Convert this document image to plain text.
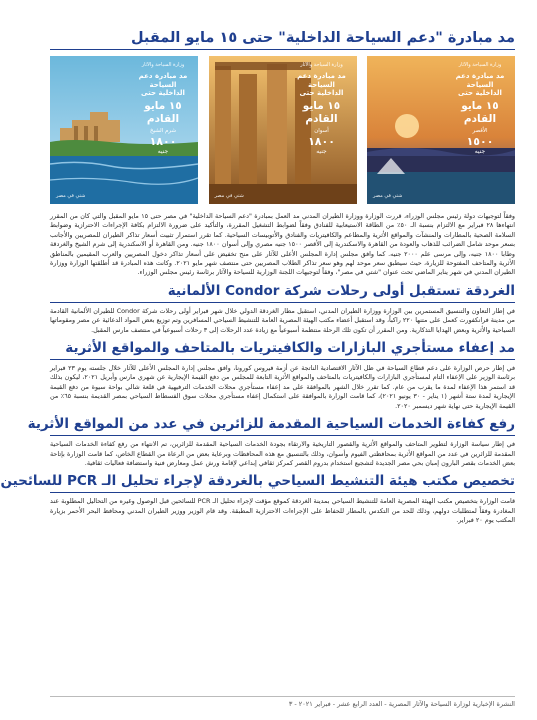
مد مبادرة "دعم السياحة الداخلية" حتى ١٥ مايو المقبل
وزارة السياحة والآثار
مد مبادرة دعم السياحة
الداخلية حتى
١٥ مايو القادم
الأقصر
١٥٠٠
جنيه
شتي في مصر
وزارة السياحة والآثار
مد مبادرة دعم السياحة
الداخلية حتى
١٥ مايو القادم
أسوان
١٨٠٠
جنيه
شتي في مصر
وزارة السياحة والآثار
مد مبادرة دعم السياحة
الداخلية حتى
١٥ مايو القادم
شرم الشيخ
١٨٠٠
جنيه
شتي في مصر

وفقاً لتوجيهات دولة رئيس مجلس الوزراء، قررت الوزارة ووزارة الطيران المدني مد العمل بمبادرة "دعم السياحة الداخلية" في مصر حتى ١٥ مايو المقبل والتي كان من المقرر انتهاءها ٢٨ فبراير مع الالتزام بنسبة الـ ٥٠٪ من الطاقة الاستيعابية للفنادق وفقاً لضوابط التشغيل المقررة، والتأكيد على ضرورة الالتزام بكافة الإجراءات الاحترازية وضوابط السلامة الصحية بالمطارات والمنشآت والمواقع الأثرية والمطاعم والكافيتريات والفنادق والأتوبيسات السياحية. كما تقرر استمرار تثبيت أسعار تذاكر الطيران للمصريين والأجانب بسعر موحد شامل الضرائب للذهاب والعودة من القاهرة والاسكندرية إلى الأقصر ١٥٠٠ جنيه مصري وإلى أسوان ١٨٠٠ جنيه. ومن القاهرة أو الاسكندرية إلى شرم الشيخ والغردقة وطابا ١٨٠٠ جنيه، وإلى مرسى علم ٢٠٠٠ جنيه. كما وافق مجلس إدارة المجلس الأعلى للآثار على منح تخفيض على أسعار تذاكر دخول المصريين والعرب المقيمين بالمناطق الأثرية والمتاحف المفتوحة للزيارة، حيث سيطبق سعر موحد لهم وهو سعر تذاكر الطلاب المصريين حتى منتصف شهر مايو ٢٠٢١. وكانت هذه المبادرة قد أطلقتها الوزارة ووزارة الطيران المدني في شهر يناير الماضي تحت عنوان "شتي في مصر"، وفقاً لتوجيهات اللجنة الوزارية للسياحة والآثار برئاسة رئيس مجلس الوزراء.

الغردقة تستقبل أولى رحلات شركة Condor الألمانية

في إطار التعاون والتنسيق المستمرين بين الوزارة ووزارة الطيران المدني، استقبل مطار الغردقة الدولي خلال شهر فبراير أولى رحلات شركة Condor للطيران الألمانية القادمة من مدينة فرانكفورت كعمل على متنها ٢٢٠ راكباً، وقد استقبل أعضاء مكتب الهيئة المصرية العامة للتنشيط السياحي المسافرين وتم توزيع بعض المواد الدعائية عن مصر ومقوماتها السياحية والأثرية وبعض الهدايا التذكارية. ومن المقرر أن تكون تلك الرحلة منتظمة أسبوعياً مع زيادة عدد الرحلات إلى ٣ رحلات أسبوعياً في منتصف مارس المقبل.

مد إعفاء مستأجري البازارات والكافيتريات بالمتاحف والمواقع الأثرية

في إطار حرص الوزارة على دعم قطاع السياحة في ظل الآثار الاقتصادية الناتجة عن أزمة فيروس كورونا، وافق مجلس إدارة المجلس الأعلى للآثار خلال جلسته يوم ٢٣ فبراير برئاسة الوزير على الإعفاء التام لمستأجري البازارات والكافيتريات بالمتاحف والمواقع الأثرية التابعة للمجلس من دفع القيمة الإيجارية عن شهري مارس وأبريل ٢٠٢١، ليكون بذلك قد استمر هذا الإعفاء لمدة ما يقرب من عام. كما تقرر خلال الشهر بالموافقة على مد إعفاء مستأجري محلات الخدمات الترفيهية في قلعة شالي بواحة سيوة من دفع القيمة الإيجارية لمدة ستة أشهر (١ يناير - ٣٠ يونيو ٢٠٢١)، كما قامت الوزارة بالموافقة على استكمال إعفاء مستأجري محلات سوق الفسطاط السياحي بمصر القديمة بنسبة ٦٥٪ من القيمة الإيجارية حتى نهاية شهر ديسمبر ٢٠٢٠.

رفع كفاءة الخدمات السياحية المقدمة للزائرين في عدد من المواقع الأثرية

في إطار سياسة الوزارة لتطوير المتاحف والمواقع الأثرية والقصور التاريخية والارتقاء بجودة الخدمات السياحية المقدمة للزائرين، تم الانتهاء من رفع كفاءة الخدمات السياحية المقدمة للزائرين في عدد من المواقع الأثرية بمحافظتي الفيوم وأسوان، وذلك بالتنسيق مع هذه المحافظات وبرعاية بعض من الرعاة من القطاع الخاص، كما قامت الوزارة بإتاحة بعض الخدمات بقصر البارون إمبان بحي مصر الجديدة لتشجيع استخدام بدروم القصر كمركز ثقافي إبداعي لإقامة ورش عمل ومعارض فنية واستضافة فعاليات ثقافية.

تخصيص مكتب هيئة التنشيط السياحي بالغردقة لإجراء تحليل الـ PCR للسائحين

قامت الوزارة بتخصيص مكتب الهيئة المصرية العامة للتنشيط السياحي بمدينة الغردقة كموقع مؤقت لإجراء تحليل الـ PCR للسائحين قبل الوصول وغيره من التحاليل المطلوبة عند المغادرة وفقاً لمتطلبات دولهم، وذلك للحد من التكدس بالمطار للحفاظ على الإجراءات الاحترازية المطبقة. وقد قام الوزير ووزير الطيران المدني ومحافظ البحر الأحمر بزيارة المكتب يوم ٢٠ فبراير.

النشرة الإخبارية لوزارة السياحة والآثار المصرية - العدد الرابع عشر - فبراير ٢٠٢١ - ٣
